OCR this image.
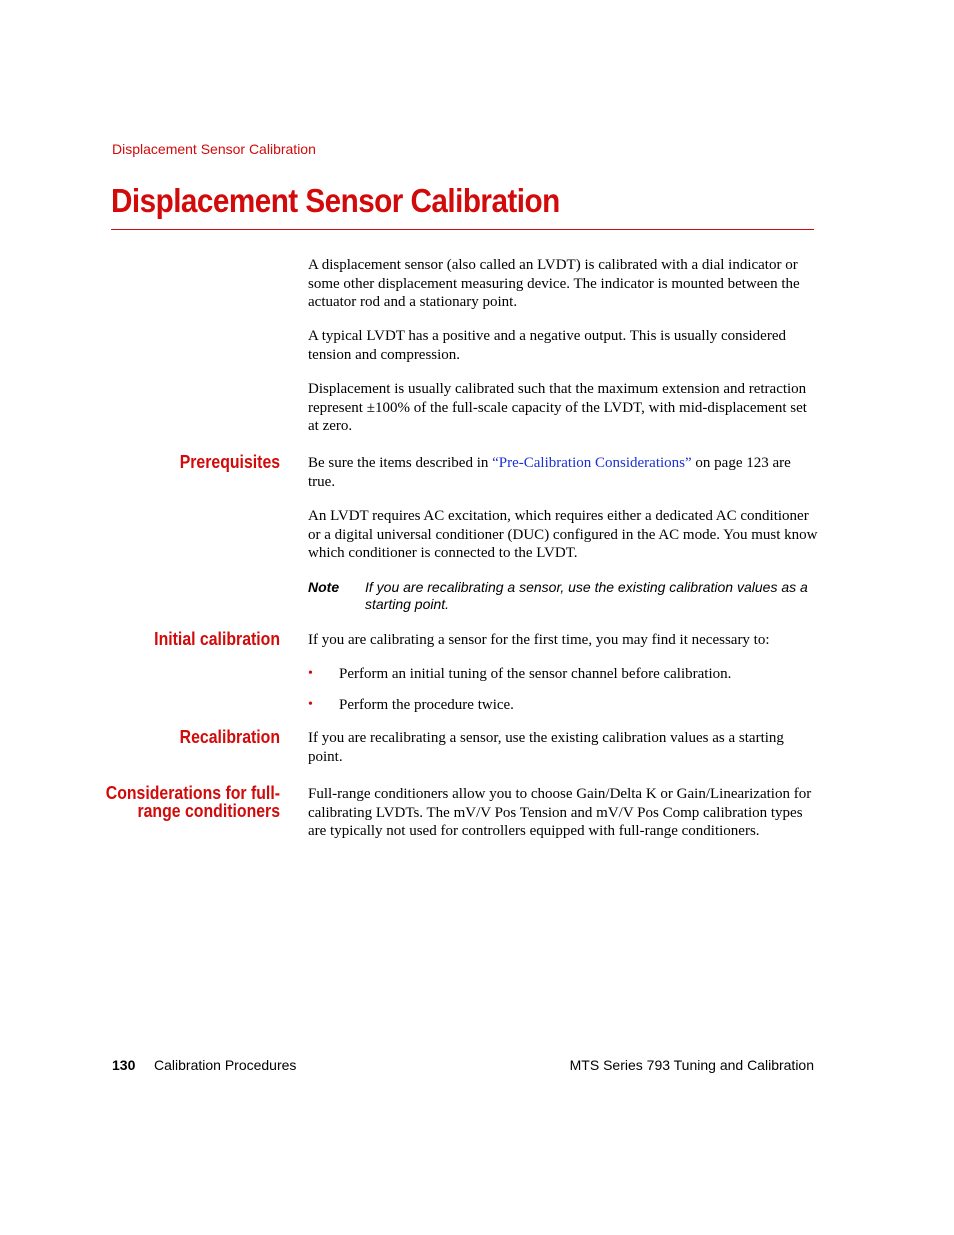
Displacement Sensor Calibration
Displacement Sensor Calibration

A displacement sensor (also called an LVDT) is calibrated with a dial indicator or some other displacement measuring device. The indicator is mounted between the actuator rod and a stationary point.

A typical LVDT has a positive and a negative output. This is usually considered tension and compression.

Displacement is usually calibrated such that the maximum extension and retraction represent ±100% of the full-scale capacity of the LVDT, with mid-displacement set at zero.

Prerequisites Be sure the items described in “Pre-Calibration Considerations” on page 123 are true.

An LVDT requires AC excitation, which requires either a dedicated AC conditioner or a digital universal conditioner (DUC) configured in the AC mode. You must know which conditioner is connected to the LVDT.

Note If you are recalibrating a sensor, use the existing calibration values as a starting point.

Initial calibration If you are calibrating a sensor for the first time, you may find it necessary to:

• Perform an initial tuning of the sensor channel before calibration.
• Perform the procedure twice.
Recalibration If you are recalibrating a sensor, use the existing calibration values as a starting point.

Considerations for full-
range conditioners

Full-range conditioners allow you to choose Gain/Delta K or Gain/Linearization for calibrating LVDTs. The mV/V Pos Tension and mV/V Pos Comp calibration types are typically not used for controllers equipped with full-range conditioners.

130 Calibration Procedures	MTS Series 793 Tuning and Calibration
